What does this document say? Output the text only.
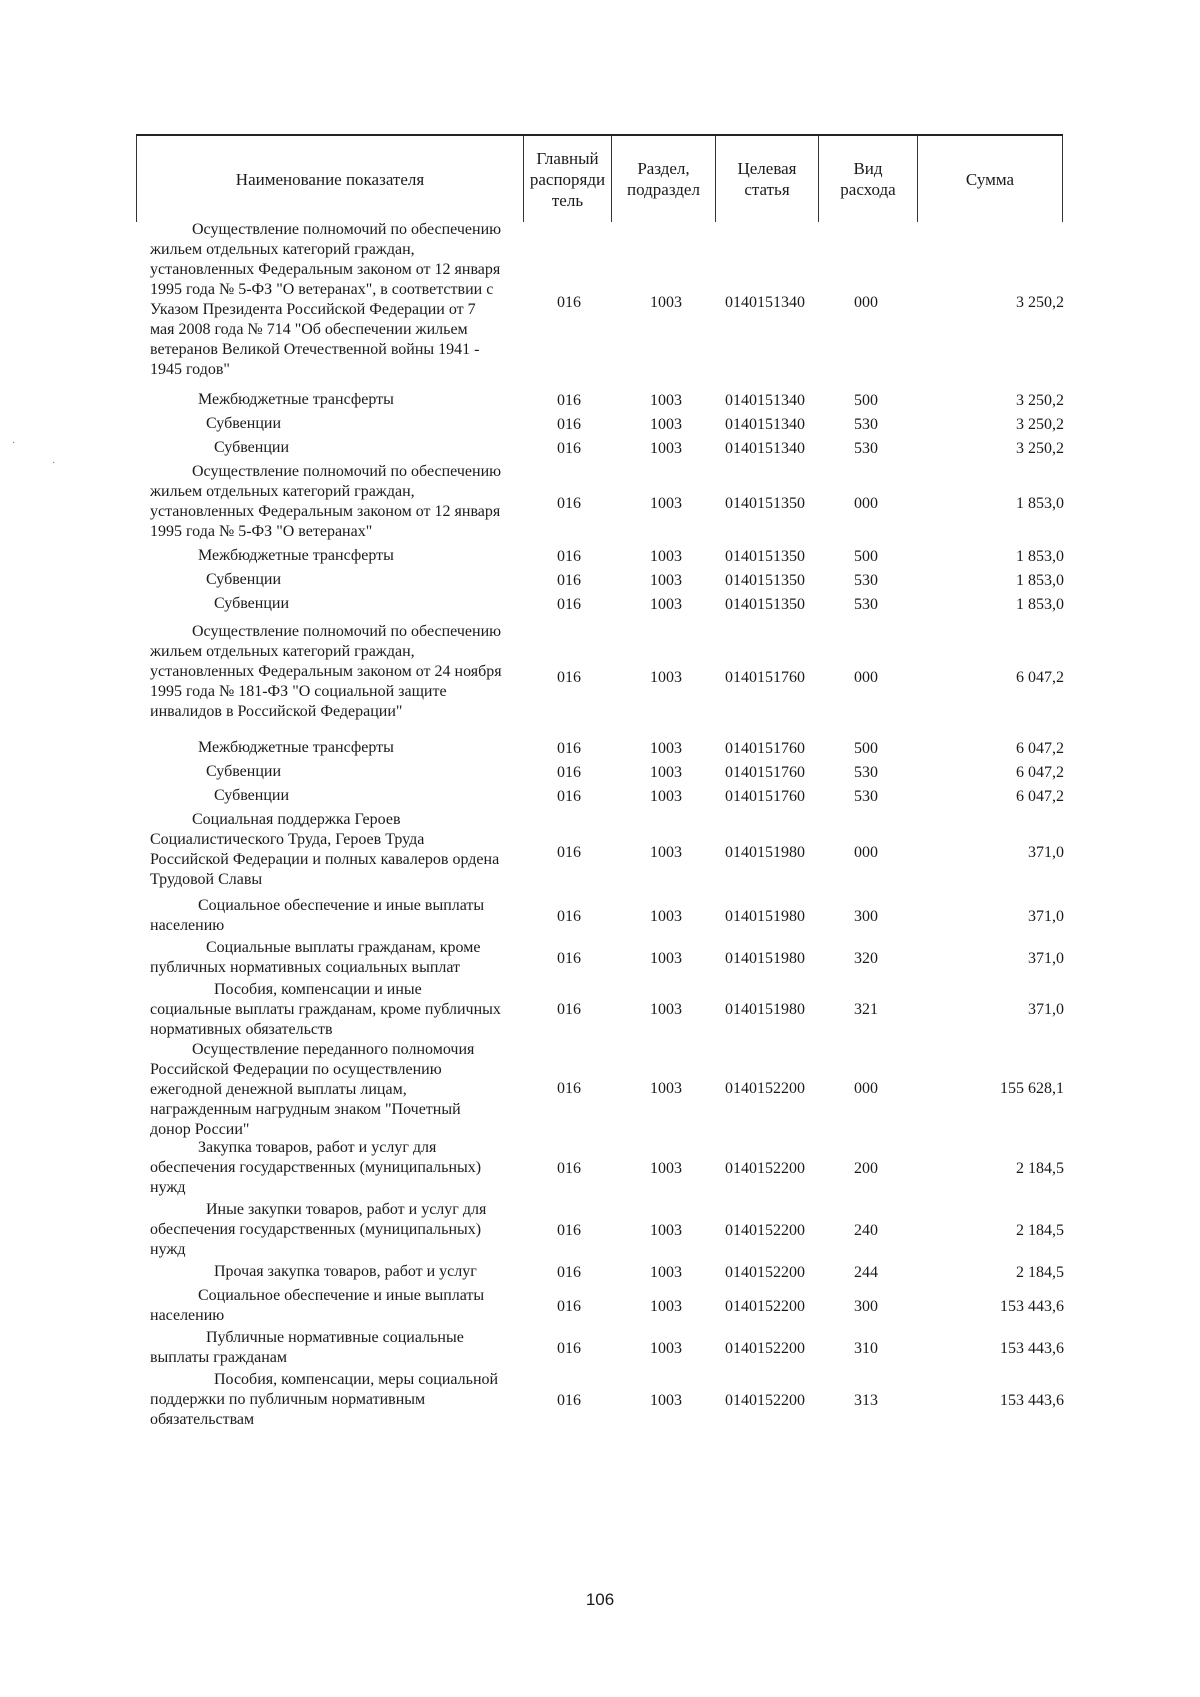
Наименование показателя
Главный
распоряди
тель
Раздел,
подраздел
Целевая
статья
Вид
расхода
Сумма
Осуществление полномочий по обеспечению
жильем отдельных категорий граждан,
установленных Федеральным законом от 12 января
1995 года № 5-ФЗ "О ветеранах", в соответствии с
Указом Президента Российской Федерации от 7
мая 2008 года № 714 "Об обеспечении жильем
ветеранов Великой Отечественной войны 1941 -
1945 годов"
016	1003	0140151340	000	3 250,2
Межбюджетные трансферты	016	1003	0140151340	500	3 250,2
Субвенции	016	1003	0140151340	530	3 250,2
Субвенции	016	1003	0140151340	530	3 250,2
Осуществление полномочий по обеспечению
жильем отдельных категорий граждан,
установленных Федеральным законом от 12 января
1995 года № 5-ФЗ "О ветеранах"
016	1003	0140151350	000	1 853,0
Межбюджетные трансферты	016	1003	0140151350	500	1 853,0
Субвенции	016	1003	0140151350	530	1 853,0
Субвенции	016	1003	0140151350	530	1 853,0
Осуществление полномочий по обеспечению
жильем отдельных категорий граждан,
установленных Федеральным законом от 24 ноября
1995 года № 181-ФЗ "О социальной защите
инвалидов в Российской Федерации"
016	1003	0140151760	000	6 047,2
Межбюджетные трансферты	016	1003	0140151760	500	6 047,2
Субвенции	016	1003	0140151760	530	6 047,2
Субвенции	016	1003	0140151760	530	6 047,2
Социальная поддержка Героев
Социалистического Труда, Героев Труда
Российской Федерации и полных кавалеров ордена
Трудовой Славы
016	1003	0140151980	000	371,0
Социальное обеспечение и иные выплаты
населению
016	1003	0140151980	300	371,0
Социальные выплаты гражданам, кроме
публичных нормативных социальных выплат
016	1003	0140151980	320	371,0
Пособия, компенсации и иные
социальные выплаты гражданам, кроме публичных
нормативных обязательств
016	1003	0140151980	321	371,0
Осуществление переданного полномочия
Российской Федерации по осуществлению
ежегодной денежной выплаты лицам,
награжденным нагрудным знаком "Почетный
донор России"
016	1003	0140152200	000	155 628,1
Закупка товаров, работ и услуг для
обеспечения государственных (муниципальных)
нужд
016	1003	0140152200	200	2 184,5
Иные закупки товаров, работ и услуг для
обеспечения государственных (муниципальных)
нужд
016	1003	0140152200	240	2 184,5
Прочая закупка товаров, работ и услуг	016	1003	0140152200	244	2 184,5
Социальное обеспечение и иные выплаты
населению
016	1003	0140152200	300	153 443,6
Публичные нормативные социальные
выплаты гражданам
016	1003	0140152200	310	153 443,6
Пособия, компенсации, меры социальной
поддержки по публичным нормативным
обязательствам
016	1003	0140152200	313	153 443,6
·
·
106
